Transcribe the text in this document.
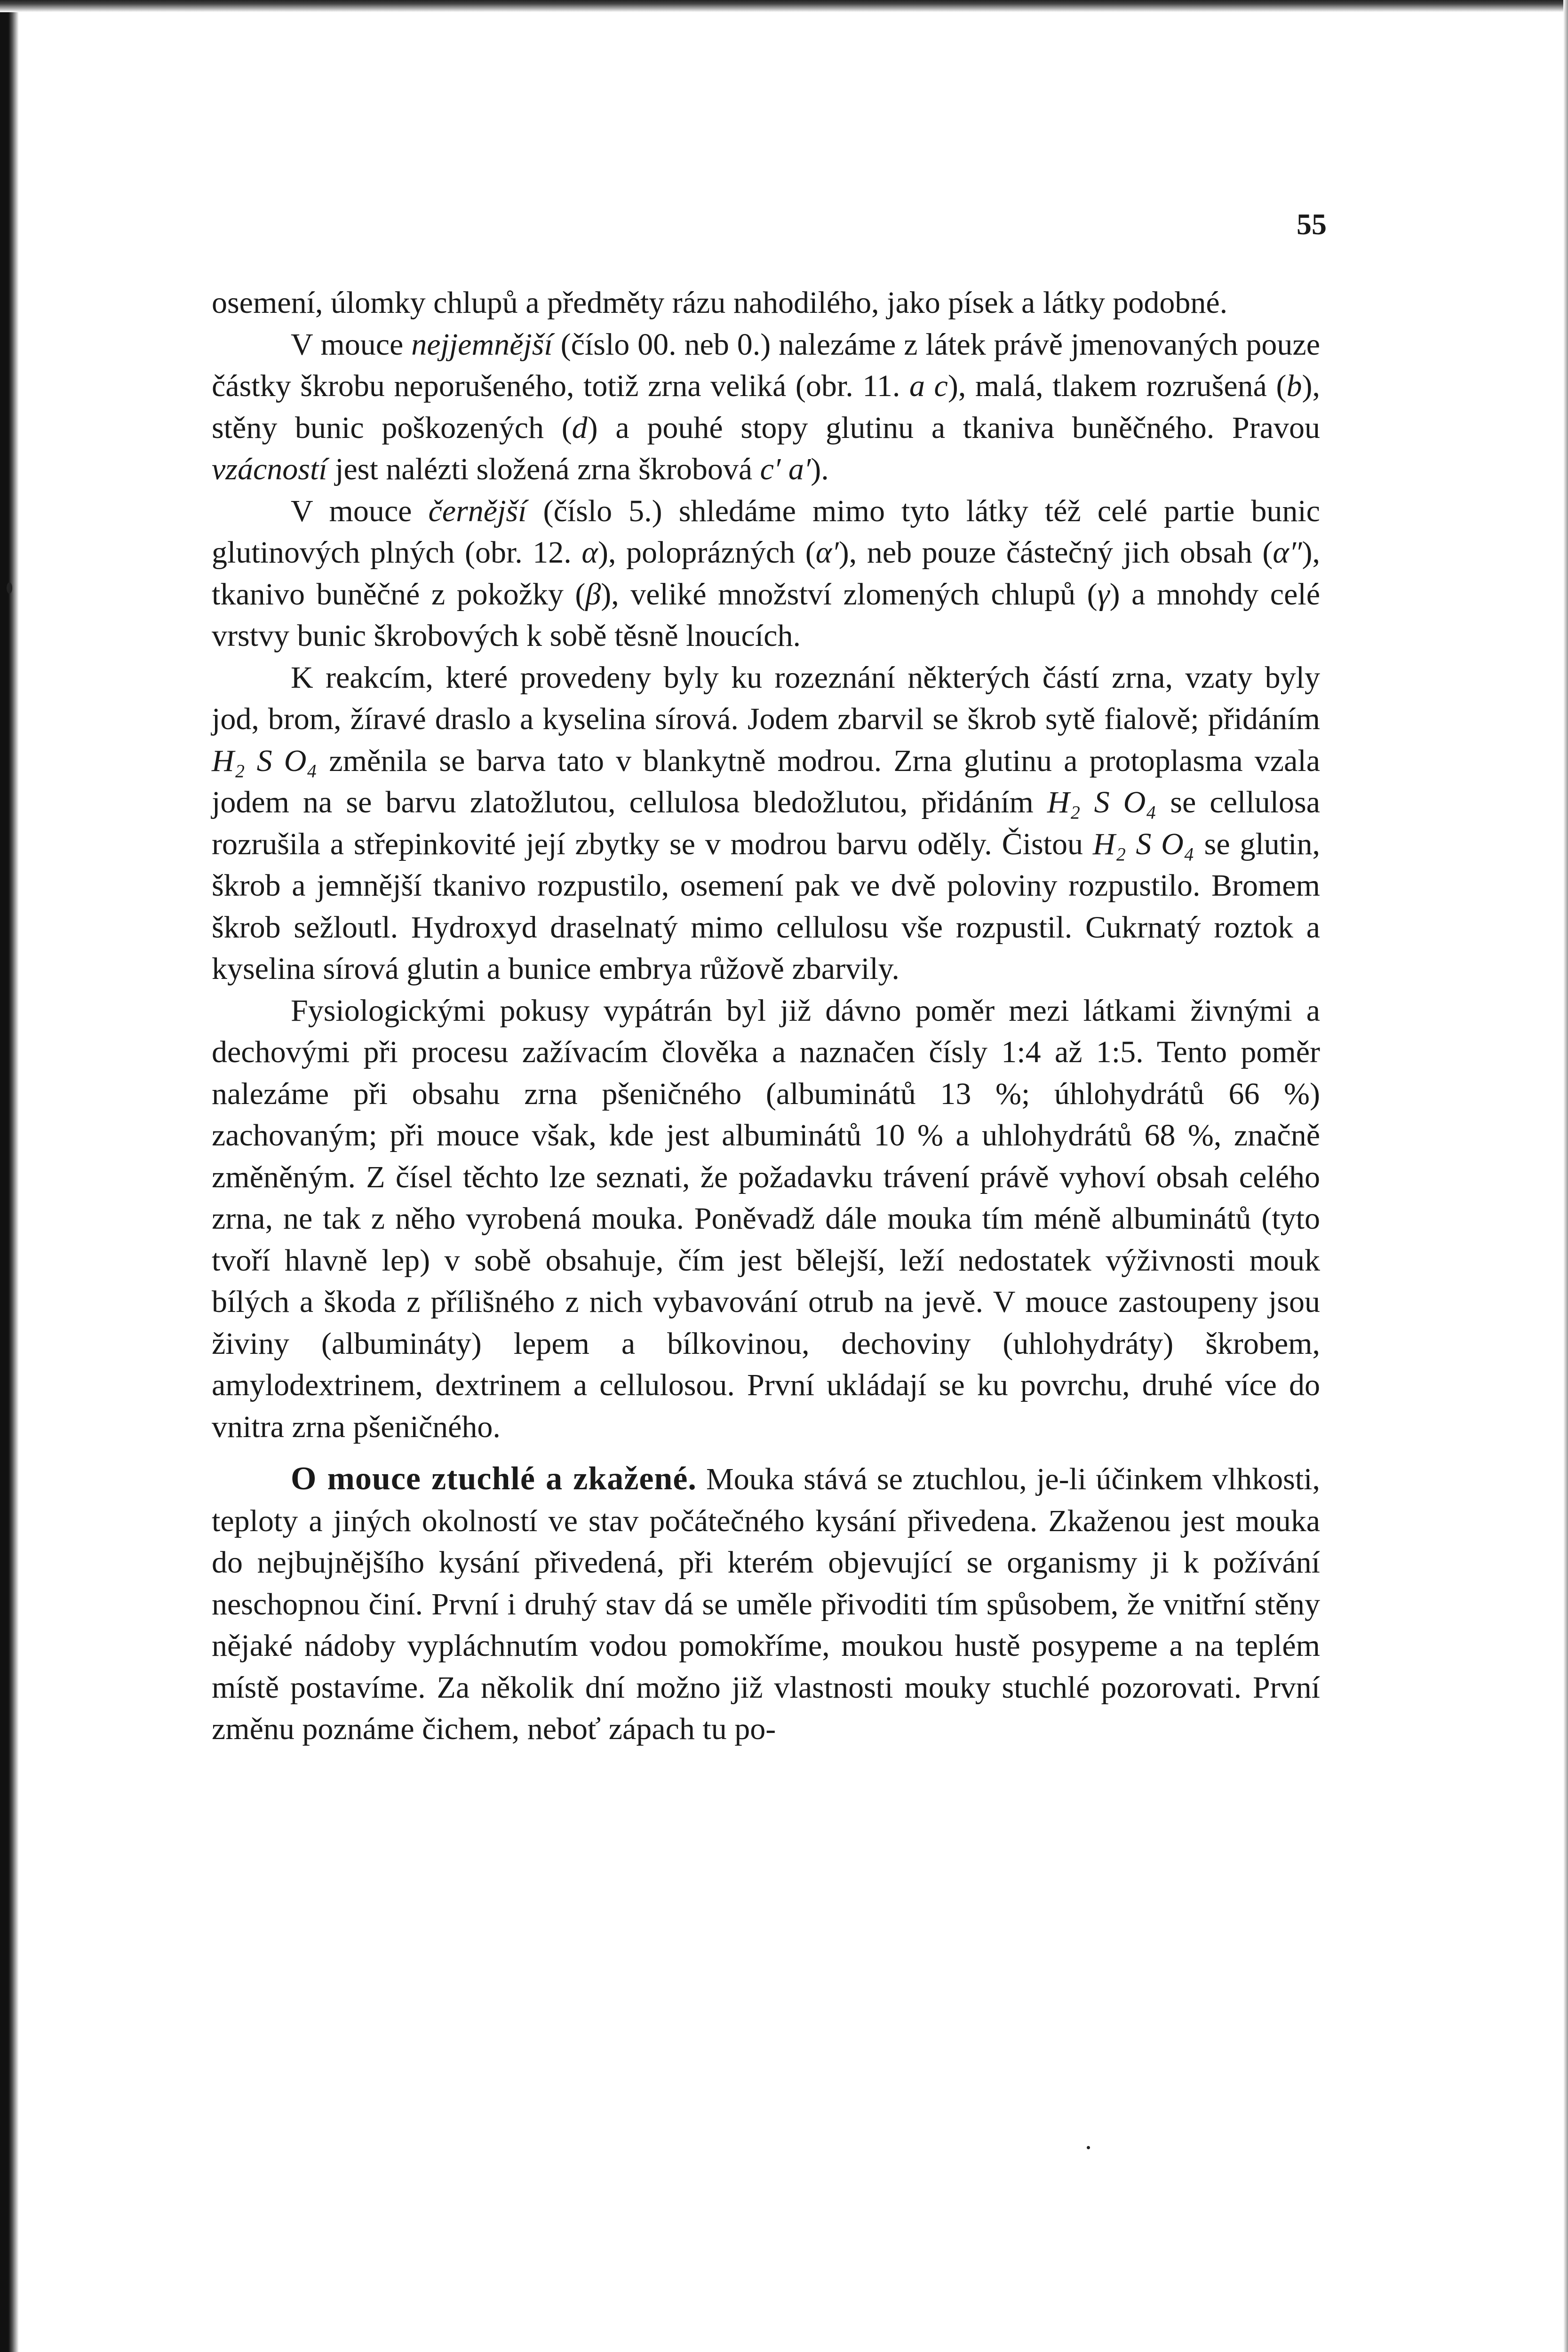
55

osemení, úlomky chlupů a předměty rázu nahodilého, jako písek a látky podobné.

V mouce nejjemnější (číslo 00. neb 0.) nalezáme z látek právě jmenovaných pouze částky škrobu neporušeného, totiž zrna veliká (obr. 11. a c), malá, tlakem rozrušená (b), stěny bunic poškozených (d) a pouhé stopy glutinu a tkaniva buněčného. Pravou vzácností jest nalézti složená zrna škrobová c′ a′).

V mouce černější (číslo 5.) shledáme mimo tyto látky též celé partie bunic glutinových plných (obr. 12. α), poloprázných (α′), neb pouze částečný jich obsah (α″), tkanivo buněčné z pokožky (β), veliké množství zlomených chlupů (γ) a mnohdy celé vrstvy bunic škrobových k sobě těsně lnoucích.

K reakcím, které provedeny byly ku rozeznání některých částí zrna, vzaty byly jod, brom, žíravé draslo a kyselina sírová. Jodem zbarvil se škrob sytě fialově; přidáním H₂ S O₄ změnila se barva tato v blankytně modrou. Zrna glutinu a protoplasma vzala jodem na se barvu zlatožlutou, cellulosa bledožlutou, přidáním H₂ S O₄ se cellulosa rozrušila a střepinkovité její zbytky se v modrou barvu oděly. Čistou H₂ S O₄ se glutin, škrob a jemnější tkanivo rozpustilo, osemení pak ve dvě poloviny rozpustilo. Bromem škrob sežloutl. Hydroxyd draselnatý mimo cellulosu vše rozpustil. Cukrnatý roztok a kyselina sírová glutin a bunice embrya růžově zbarvily.

Fysiologickými pokusy vypátrán byl již dávno poměr mezi látkami živnými a dechovými při procesu zažívacím člověka a naznačen čísly 1:4 až 1:5. Tento poměr nalezáme při obsahu zrna pšeničného (albuminátů 13 %; úhlohydrátů 66 %) zachovaným; při mouce však, kde jest albuminátů 10 % a uhlohydrátů 68 %, značně změněným. Z čísel těchto lze seznati, že požadavku trávení právě vyhoví obsah celého zrna, ne tak z něho vyrobená mouka. Poněvadž dále mouka tím méně albuminátů (tyto tvoří hlavně lep) v sobě obsahuje, čím jest bělejší, leží nedostatek výživnosti mouk bílých a škoda z přílišného z nich vybavování otrub na jevě. V mouce zastoupeny jsou živiny (albumináty) lepem a bílkovinou, dechoviny (uhlohydráty) škrobem, amylodextrinem, dextrinem a cellulosou. První ukládají se ku povrchu, druhé více do vnitra zrna pšeničného.

O mouce ztuchlé a zkažené. Mouka stává se ztuchlou, je-li účinkem vlhkosti, teploty a jiných okolností ve stav počátečného kysání přivedena. Zkaženou jest mouka do nejbujnějšího kysání přivedená, při kterém objevující se organismy ji k požívání neschopnou činí. První i druhý stav dá se uměle přivoditi tím spůsobem, že vnitřní stěny nějaké nádoby vypláchnutím vodou pomokříme, moukou hustě posypeme a na teplém místě postavíme. Za několik dní možno již vlastnosti mouky stuchlé pozorovati. První změnu poznáme čichem, neboť zápach tu po-
